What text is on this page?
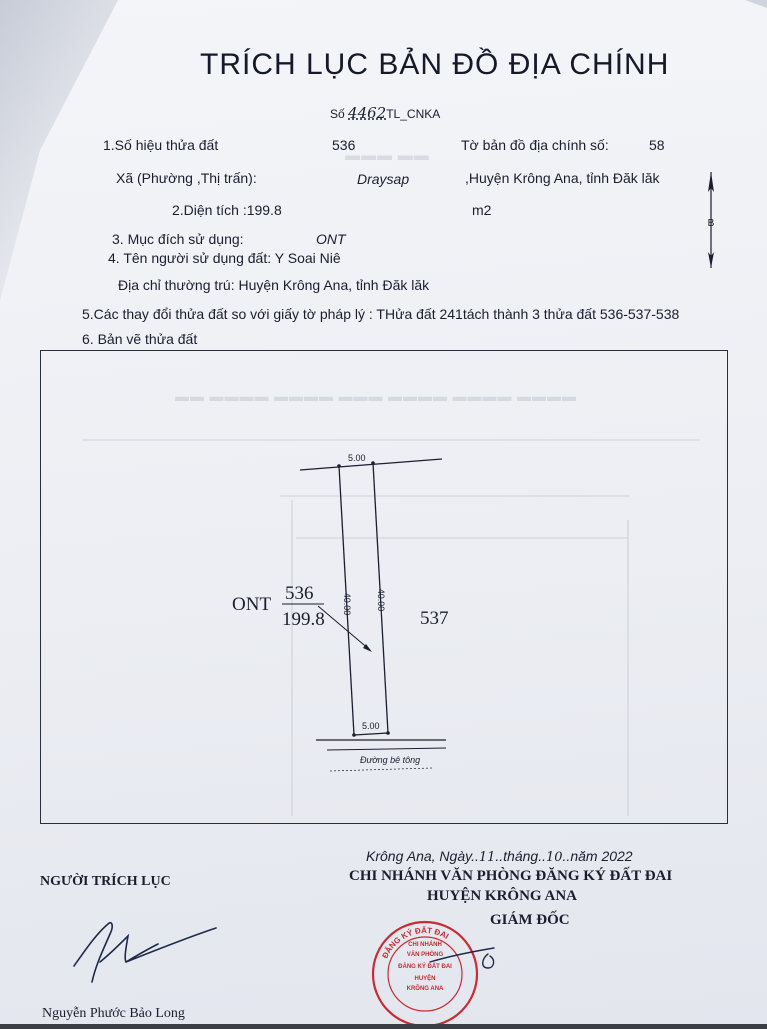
▬▬▬ ▬▬
▬▬ ▬▬▬▬ ▬▬▬▬ ▬▬▬ ▬▬▬▬ ▬▬▬▬ ▬▬▬▬
TRÍCH LỤC BẢN ĐỒ ĐỊA CHÍNH
Số 4462TL_CNKA
1.Số hiệu thửa đất	536	Tờ bản đồ địa chính số:	58
Xã (Phường ,Thị trấn):	Draysap	,Huyện Krông Ana, tỉnh Đăk lăk
2.Diện tích :199.8	m2
3. Mục đích sử dụng:	ONT
4. Tên người sử dụng đất: Y Soai Niê
Địa chỉ thường trú: Huyện Krông Ana, tỉnh Đăk lăk
5.Các thay đổi thửa đất so với giấy tờ pháp lý : THửa đất 241tách thành 3 thửa đất 536-537-538
6. Bản vẽ thửa đất
B
5.00
5.00
40.00	40.00
ONT
536
199.8	537
Đường bê tông
Krông Ana, Ngày..11..tháng..10..năm 2022
CHI NHÁNH VĂN PHÒNG ĐĂNG KÝ ĐẤT ĐAI
HUYỆN KRÔNG ANA
GIÁM ĐỐC
NGƯỜI TRÍCH LỤC
Nguyễn Phước Bảo Long
ĐĂNG KÝ ĐẤT ĐAI
CHI NHÁNH
VĂN PHÒNG
ĐĂNG KÝ ĐẤT ĐAI
HUYỆN
KRÔNG ANA
